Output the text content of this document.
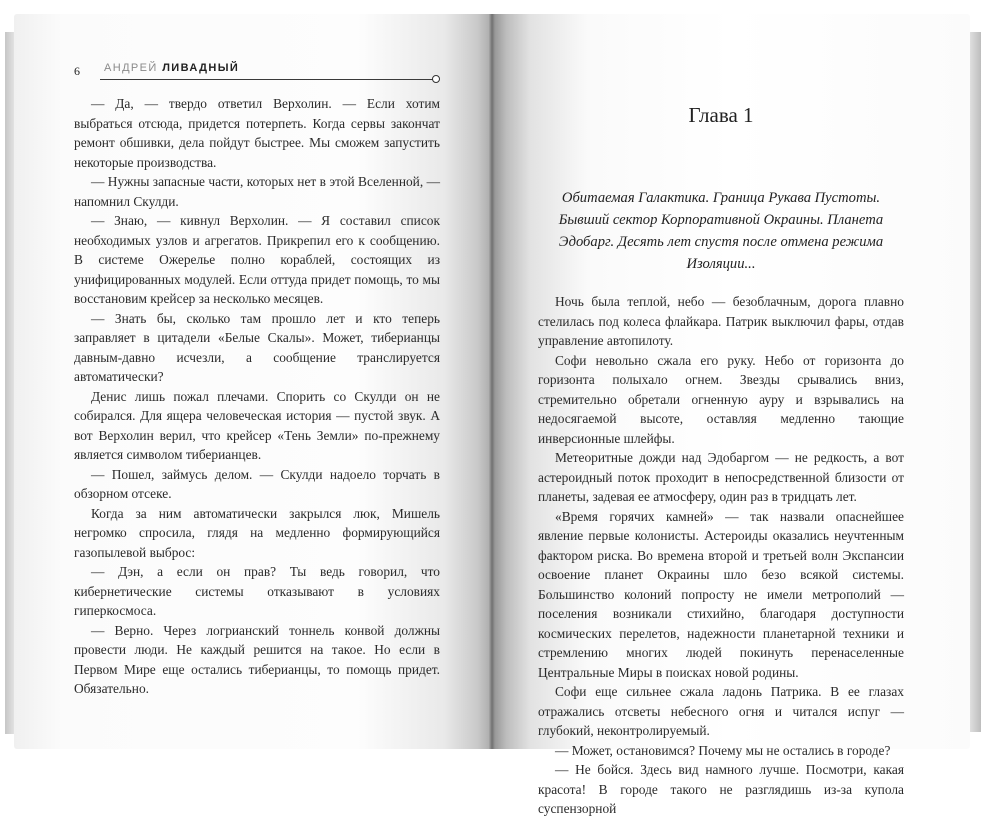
6 АНДРЕЙ ЛИВАДНЫЙ

— Да, — твердо ответил Верхолин. — Если хотим выбраться отсюда, придется потерпеть. Когда сервы закончат ремонт обшивки, дела пойдут быстрее. Мы сможем запустить некоторые производства.

— Нужны запасные части, которых нет в этой Вселенной, — напомнил Скулди.

— Знаю, — кивнул Верхолин. — Я составил список необходимых узлов и агрегатов. Прикрепил его к сообщению. В системе Ожерелье полно кораблей, состоящих из унифицированных модулей. Если оттуда придет помощь, то мы восстановим крейсер за несколько месяцев.

— Знать бы, сколько там прошло лет и кто теперь заправляет в цитадели «Белые Скалы». Может, тиберианцы давным-давно исчезли, а сообщение транслируется автоматически?

Денис лишь пожал плечами. Спорить со Скулди он не собирался. Для ящера человеческая история — пустой звук. А вот Верхолин верил, что крейсер «Тень Земли» по-прежнему является символом тиберианцев.

— Пошел, займусь делом. — Скулди надоело торчать в обзорном отсеке.

Когда за ним автоматически закрылся люк, Мишель негромко спросила, глядя на медленно формирующийся газопылевой выброс:

— Дэн, а если он прав? Ты ведь говорил, что кибернетические системы отказывают в условиях гиперкосмоса.

— Верно. Через логрианский тоннель конвой должны провести люди. Не каждый решится на такое. Но если в Первом Мире еще остались тиберианцы, то помощь придет. Обязательно.

Глава 1
Обитаемая Галактика. Граница Рукава Пустоты. Бывший сектор Корпоративной Окраины. Планета Эдобарг. Десять лет спустя после отмена режима Изоляции...

Ночь была теплой, небо — безоблачным, дорога плавно стелилась под колеса флайкара. Патрик выключил фары, отдав управление автопилоту.

Софи невольно сжала его руку. Небо от горизонта до горизонта полыхало огнем. Звезды срывались вниз, стремительно обретали огненную ауру и взрывались на недосягаемой высоте, оставляя медленно тающие инверсионные шлейфы.

Метеоритные дожди над Эдобаргом — не редкость, а вот астероидный поток проходит в непосредственной близости от планеты, задевая ее атмосферу, один раз в тридцать лет.

«Время горячих камней» — так назвали опаснейшее явление первые колонисты. Астероиды оказались неучтенным фактором риска. Во времена второй и третьей волн Экспансии освоение планет Окраины шло безо всякой системы. Большинство колоний попросту не имели метрополий — поселения возникали стихийно, благодаря доступности космических перелетов, надежности планетарной техники и стремлению многих людей покинуть перенаселенные Центральные Миры в поисках новой родины.

Софи еще сильнее сжала ладонь Патрика. В ее глазах отражались отсветы небесного огня и читался испуг — глубокий, неконтролируемый.

— Может, остановимся? Почему мы не остались в городе?

— Не бойся. Здесь вид намного лучше. Посмотри, какая красота! В городе такого не разглядишь из-за купола суспензорной
